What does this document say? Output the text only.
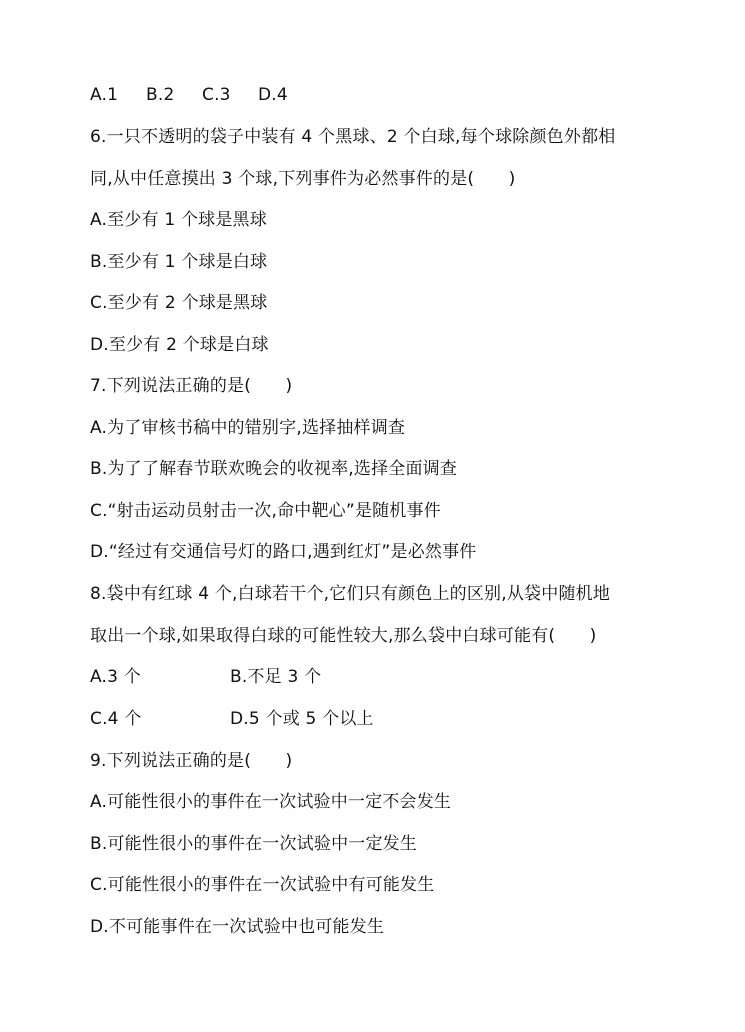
A.1 B.2 C.3 D.4
6.一只不透明的袋子中装有 4 个黑球、2 个白球,每个球除颜色外都相
同,从中任意摸出 3 个球,下列事件为必然事件的是(　　)
A.至少有 1 个球是黑球
B.至少有 1 个球是白球
C.至少有 2 个球是黑球
D.至少有 2 个球是白球
7.下列说法正确的是(　　)
A.为了审核书稿中的错别字,选择抽样调查
B.为了了解春节联欢晚会的收视率,选择全面调查
C.“射击运动员射击一次,命中靶心”是随机事件
D.“经过有交通信号灯的路口,遇到红灯”是必然事件
8.袋中有红球 4 个,白球若干个,它们只有颜色上的区别,从袋中随机地
取出一个球,如果取得白球的可能性较大,那么袋中白球可能有(　　)
A.3 个	B.不足 3 个
C.4 个	D.5 个或 5 个以上
9.下列说法正确的是(　　)
A.可能性很小的事件在一次试验中一定不会发生
B.可能性很小的事件在一次试验中一定发生
C.可能性很小的事件在一次试验中有可能发生
D.不可能事件在一次试验中也可能发生
